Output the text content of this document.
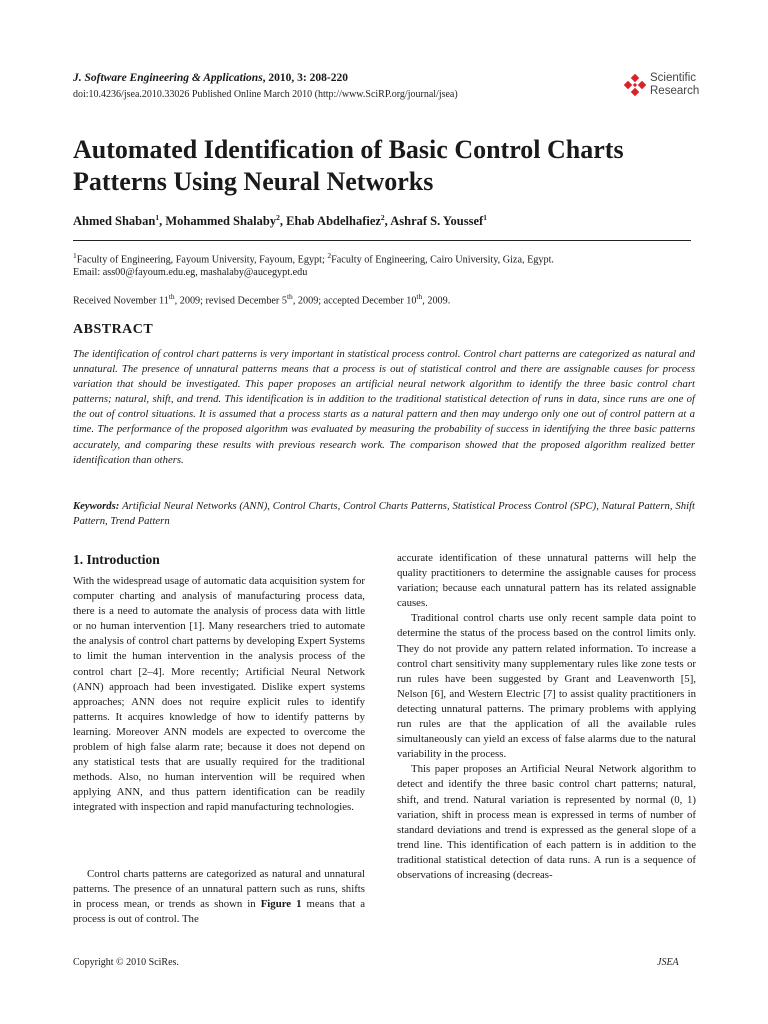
J. Software Engineering & Applications, 2010, 3: 208-220
doi:10.4236/jsea.2010.33026 Published Online March 2010 (http://www.SciRP.org/journal/jsea)
Scientific
Research
Automated Identification of Basic Control Charts
Patterns Using Neural Networks
Ahmed Shaban$^1$, Mohammed Shalaby$^2$, Ehab Abdelhafiez$^2$, Ashraf S. Youssef$^1$
$^1$Faculty of Engineering, Fayoum University, Fayoum, Egypt; $^2$Faculty of Engineering, Cairo University, Giza, Egypt.
Email: ass00@fayoum.edu.eg, mashalaby@aucegypt.edu
Received November 11th, 2009; revised December 5th, 2009; accepted December 10th, 2009.
ABSTRACT

The identification of control chart patterns is very important in statistical process control. Control chart patterns are categorized as natural and unnatural. The presence of unnatural patterns means that a process is out of statistical control and there are assignable causes for process variation that should be investigated. This paper proposes an artificial neural network algorithm to identify the three basic control chart patterns; natural, shift, and trend. This identification is in addition to the traditional statistical detection of runs in data, since runs are one of the out of control situations. It is assumed that a process starts as a natural pattern and then may undergo only one out of control pattern at a time. The performance of the proposed algorithm was evaluated by measuring the probability of success in identifying the three basic patterns accurately, and comparing these results with previous research work. The comparison showed that the proposed algorithm realized better identification than others.

Keywords: Artificial Neural Networks (ANN), Control Charts, Control Charts Patterns, Statistical Process Control (SPC), Natural Pattern, Shift Pattern, Trend Pattern
1. Introduction

With the widespread usage of automatic data acquisition system for computer charting and analysis of manufacturing process data, there is a need to automate the analysis of process data with little or no human intervention [1]. Many researchers tried to automate the analysis of control chart patterns by developing Expert Systems to limit the human intervention in the analysis process of the control chart [2–4]. More recently; Artificial Neural Network (ANN) approach had been investigated. Dislike expert systems approaches; ANN does not require explicit rules to identify patterns. It acquires knowledge of how to identify patterns by learning. Moreover ANN models are expected to overcome the problem of high false alarm rate; because it does not depend on any statistical tests that are usually required for the traditional methods. Also, no human intervention will be required when applying ANN, and thus pattern identification can be readily integrated with inspection and rapid manufacturing technologies.

Control charts patterns are categorized as natural and unnatural patterns. The presence of an unnatural pattern such as runs, shifts in process mean, or trends as shown in Figure 1 means that a process is out of control. The

accurate identification of these unnatural patterns will help the quality practitioners to determine the assignable causes for process variation; because each unnatural pattern has its related assignable causes.

Traditional control charts use only recent sample data point to determine the status of the process based on the control limits only. They do not provide any pattern related information. To increase a control chart sensitivity many supplementary rules like zone tests or run rules have been suggested by Grant and Leavenworth [5], Nelson [6], and Western Electric [7] to assist quality practitioners in detecting unnatural patterns. The primary problems with applying run rules are that the application of all the available rules simultaneously can yield an excess of false alarms due to the natural variability in the process.

This paper proposes an Artificial Neural Network algorithm to detect and identify the three basic control chart patterns; natural, shift, and trend. Natural variation is represented by normal (0, 1) variation, shift in process mean is expressed in terms of number of standard deviations and trend is expressed as the general slope of a trend line. This identification of each pattern is in addition to the traditional statistical detection of data runs. A run is a sequence of observations of increasing (decreas-

Copyright © 2010 SciRes.	JSEA
